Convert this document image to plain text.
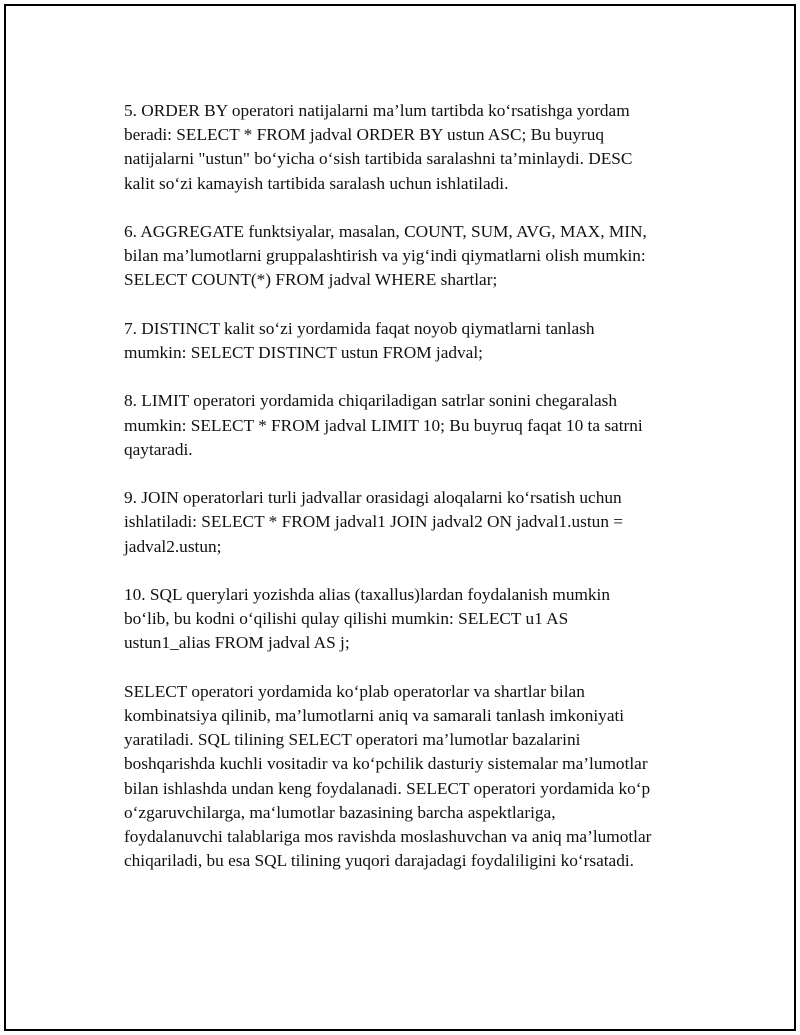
5. ORDER BY operatori natijalarni ma’lum tartibda ko‘rsatishga yordam
beradi: SELECT * FROM jadval ORDER BY ustun ASC; Bu buyruq
natijalarni "ustun" bo‘yicha o‘sish tartibida saralashni ta’minlaydi. DESC
kalit so‘zi kamayish tartibida saralash uchun ishlatiladi.

6. AGGREGATE funktsiyalar, masalan, COUNT, SUM, AVG, MAX, MIN,
bilan ma’lumotlarni gruppalashtirish va yig‘indi qiymatlarni olish mumkin:
SELECT COUNT(*) FROM jadval WHERE shartlar;

7. DISTINCT kalit so‘zi yordamida faqat noyob qiymatlarni tanlash
mumkin: SELECT DISTINCT ustun FROM jadval;

8. LIMIT operatori yordamida chiqariladigan satrlar sonini chegaralash
mumkin: SELECT * FROM jadval LIMIT 10; Bu buyruq faqat 10 ta satrni
qaytaradi.

9. JOIN operatorlari turli jadvallar orasidagi aloqalarni ko‘rsatish uchun
ishlatiladi: SELECT * FROM jadval1 JOIN jadval2 ON jadval1.ustun =
jadval2.ustun;

10. SQL querylari yozishda alias (taxallus)lardan foydalanish mumkin
bo‘lib, bu kodni o‘qilishi qulay qilishi mumkin: SELECT u1 AS
ustun1_alias FROM jadval AS j;

SELECT operatori yordamida ko‘plab operatorlar va shartlar bilan
kombinatsiya qilinib, ma’lumotlarni aniq va samarali tanlash imkoniyati
yaratiladi. SQL tilining SELECT operatori ma’lumotlar bazalarini
boshqarishda kuchli vositadir va ko‘pchilik dasturiy sistemalar ma’lumotlar
bilan ishlashda undan keng foydalanadi. SELECT operatori yordamida ko‘p
o‘zgaruvchilarga, ma‘lumotlar bazasining barcha aspektlariga,
foydalanuvchi talablariga mos ravishda moslashuvchan va aniq ma’lumotlar
chiqariladi, bu esa SQL tilining yuqori darajadagi foydaliligini ko‘rsatadi.
